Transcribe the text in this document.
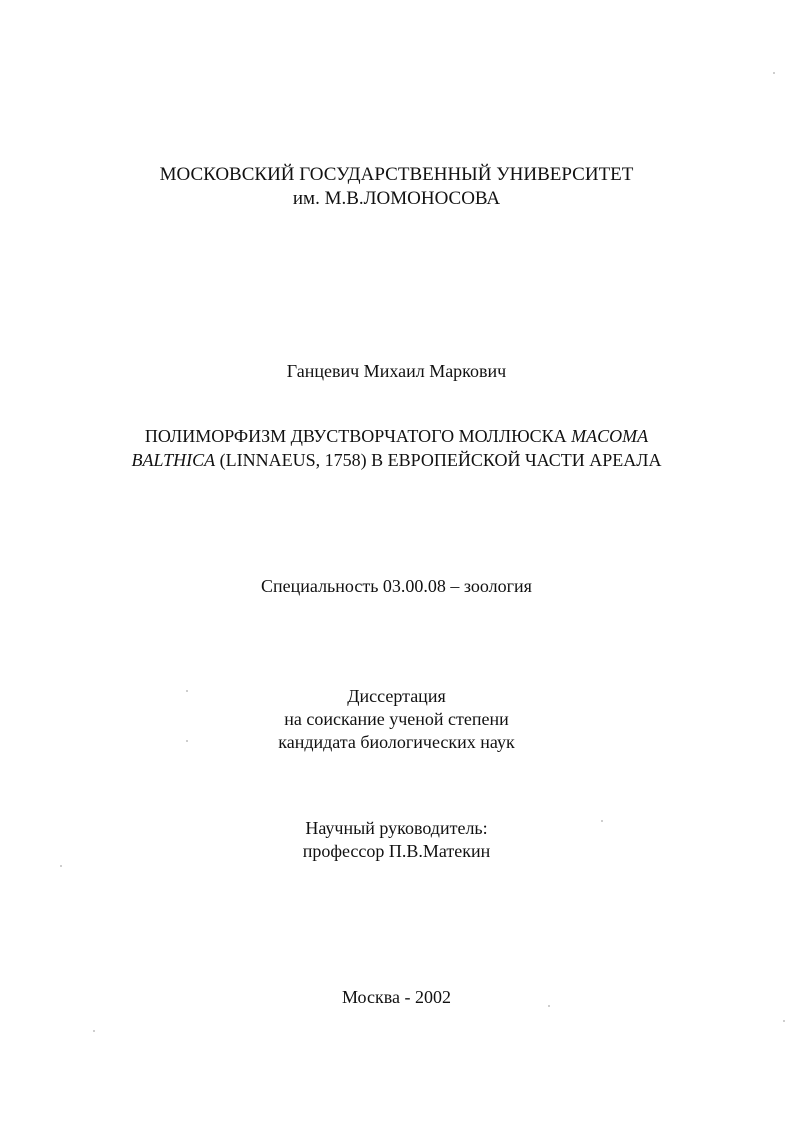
МОСКОВСКИЙ ГОСУДАРСТВЕННЫЙ УНИВЕРСИТЕТ
им. М.В.ЛОМОНОСОВА
Ганцевич Михаил Маркович
ПОЛИМОРФИЗМ ДВУСТВОРЧАТОГО МОЛЛЮСКА MACOMA
BALTHICA (LINNAEUS, 1758) В ЕВРОПЕЙСКОЙ ЧАСТИ АРЕАЛА
Специальность 03.00.08 – зоология
Диссертация
на соискание ученой степени
кандидата биологических наук
Научный руководитель:
профессор П.В.Матекин
Москва - 2002
